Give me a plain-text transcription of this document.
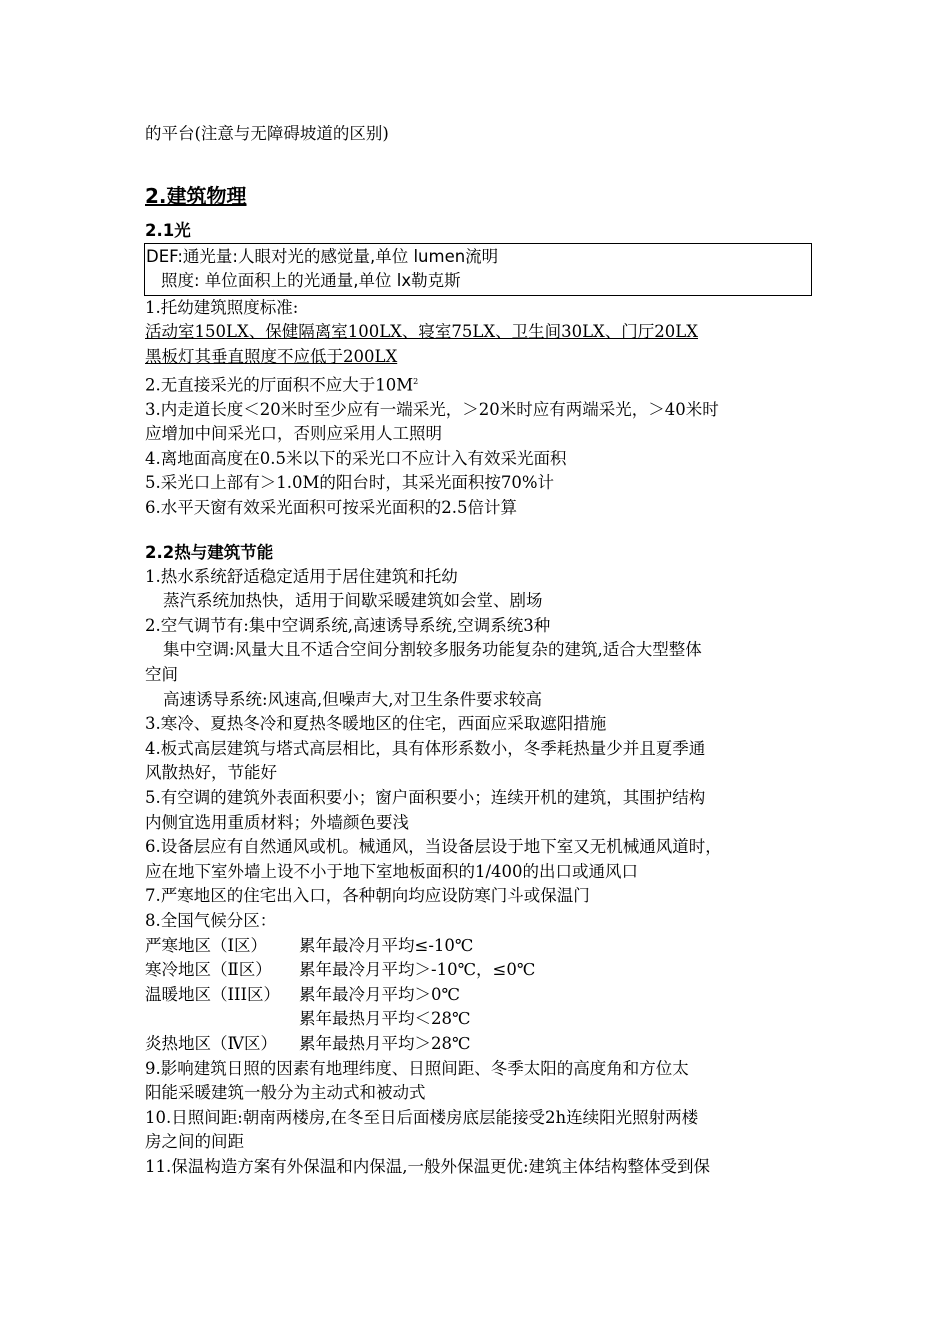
的平台(注意与无障碍坡道的区别)
2.建筑物理
2.1光
DEF:通光量:人眼对光的感觉量,单位 lumen流明
照度: 单位面积上的光通量,单位 lx勒克斯
1.托幼建筑照度标准:
活动室150LX、保健隔离室100LX、寝室75LX、卫生间30LX、门厅20LX
黑板灯其垂直照度不应低于200LX
2.无直接采光的厅面积不应大于$10M^2$
3.内走道长度＜20米时至少应有一端采光，＞20米时应有两端采光，＞40米时
应增加中间采光口，否则应采用人工照明
4.离地面高度在0.5米以下的采光口不应计入有效采光面积
5.采光口上部有＞1.0M的阳台时，其采光面积按70%计
6.水平天窗有效采光面积可按采光面积的2.5倍计算
2.2热与建筑节能
1.热水系统舒适稳定适用于居住建筑和托幼
蒸汽系统加热快，适用于间歇采暖建筑如会堂、剧场
2.空气调节有:集中空调系统,高速诱导系统,空调系统3种
集中空调:风量大且不适合空间分割较多服务功能复杂的建筑,适合大型整体
空间
高速诱导系统:风速高,但噪声大,对卫生条件要求较高
3.寒冷、夏热冬冷和夏热冬暖地区的住宅，西面应采取遮阳措施
4.板式高层建筑与塔式高层相比，具有体形系数小，冬季耗热量少并且夏季通
风散热好，节能好
5.有空调的建筑外表面积要小；窗户面积要小；连续开机的建筑，其围护结构
内侧宜选用重质材料；外墙颜色要浅
6.设备层应有自然通风或机。械通风，当设备层设于地下室又无机械通风道时，
应在地下室外墙上设不小于地下室地板面积的1/400的出口或通风口
7.严寒地区的住宅出入口，各种朝向均应设防寒门斗或保温门
8.全国气候分区：
严寒地区（Ⅰ区） 累年最冷月平均≤-10℃
寒冷地区（Ⅱ区） 累年最冷月平均＞-10℃，≤0℃
温暖地区（III区） 累年最冷月平均＞0℃
累年最热月平均＜28℃
炎热地区（Ⅳ区） 累年最热月平均＞28℃
9.影响建筑日照的因素有地理纬度、日照间距、冬季太阳的高度角和方位太
阳能采暖建筑一般分为主动式和被动式
10.日照间距:朝南两楼房,在冬至日后面楼房底层能接受2h连续阳光照射两楼
房之间的间距
11.保温构造方案有外保温和内保温,一般外保温更优:建筑主体结构整体受到保
